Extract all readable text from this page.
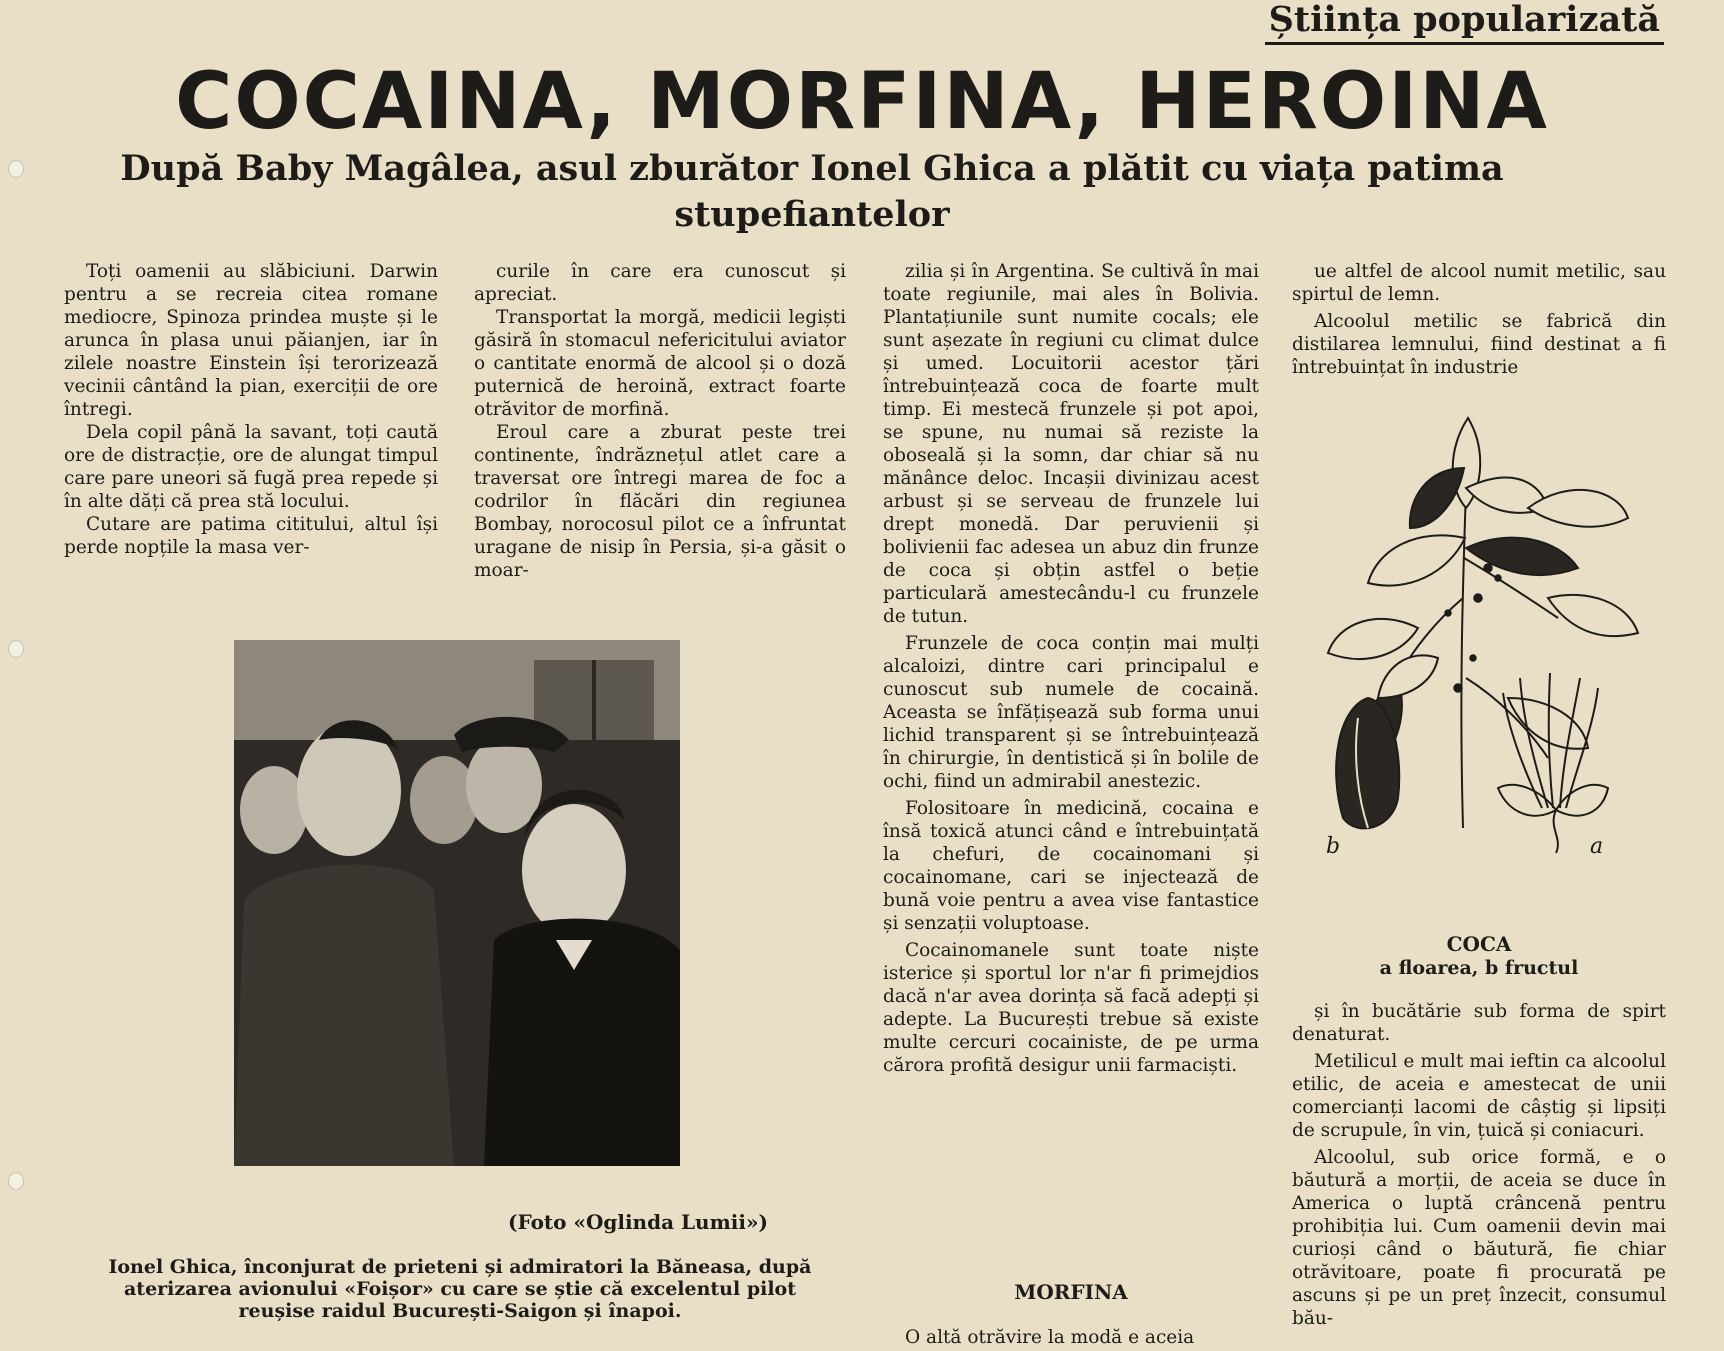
Știința popularizată
COCAINA, MORFINA, HEROINA
După Baby Magâlea, asul zburător Ionel Ghica a plătit cu viața patima stupefiantelor

Toți oamenii au slăbiciuni. Darwin pentru a se recreia citea romane mediocre, Spinoza prindea muște și le arunca în plasa unui păianjen, iar în zilele noastre Einstein își terorizează vecinii cântând la pian, exerciții de ore întregi.

Dela copil până la savant, toți caută ore de distracție, ore de alungat timpul care pare uneori să fugă prea repede și în alte dăți că prea stă locului.

Cutare are patima cititului, altul își perde nopțile la masa ver-

curile în care era cunoscut și apreciat.

Transportat la morgă, medicii legiști găsiră în stomacul nefericitului aviator o cantitate enormă de alcool și o doză puternică de heroină, extract foarte otrăvitor de morfină.

Eroul care a zburat peste trei continente, îndrăznețul atlet care a traversat ore întregi marea de foc a codrilor în flăcări din regiunea Bombay, norocosul pilot ce a înfruntat uragane de nisip în Persia, și-a găsit o moar-

zilia și în Argentina. Se cultivă în mai toate regiunile, mai ales în Bolivia. Plantațiunile sunt numite cocals; ele sunt așezate în regiuni cu climat dulce și umed. Locuitorii acestor țări întrebuințează coca de foarte mult timp. Ei mestecă frunzele și pot apoi, se spune, nu numai să reziste la oboseală și la somn, dar chiar să nu mănânce deloc. Incașii divinizau acest arbust și se serveau de frunzele lui drept monedă. Dar peruvienii și bolivienii fac adesea un abuz din frunze de coca și obțin astfel o beție particulară amestecându-l cu frunzele de tutun.

Frunzele de coca conțin mai mulți alcaloizi, dintre cari principalul e cunoscut sub numele de cocaină. Aceasta se înfățișează sub forma unui lichid transparent și se întrebuințează în chirurgie, în dentistică și în bolile de ochi, fiind un admirabil anestezic.

Folositoare în medicină, cocaina e însă toxică atunci când e întrebuințată la chefuri, de cocainomani și cocainomane, cari se injectează de bună voie pentru a avea vise fantastice și senzații voluptoase.

Cocainomanele sunt toate niște isterice și sportul lor n'ar fi primejdios dacă n'ar avea dorința să facă adepți și adepte. La București trebue să existe multe cercuri cocainiste, de pe urma cărora profită desigur unii farmaciști.

MORFINA

O altă otrăvire la modă e aceia

ue altfel de alcool numit metilic, sau spirtul de lemn.

Alcoolul metilic se fabrică din distilarea lemnului, fiind destinat a fi întrebuințat în industrie

b	a
COCA
a floarea, b fructul

și în bucătărie sub forma de spirt denaturat.

Metilicul e mult mai ieftin ca alcoolul etilic, de aceia e amestecat de unii comercianți lacomi de câștig și lipsiți de scrupule, în vin, țuică și coniacuri.

Alcoolul, sub orice formă, e o băutură a morții, de aceia se duce în America o luptă crâncenă pentru prohibiția lui. Cum oamenii devin mai curioși când o băutură, fie chiar otrăvitoare, poate fi procurată pe ascuns și pe un preț înzecit, consumul bău-

(Foto «Oglinda Lumii»)
Ionel Ghica, înconjurat de prieteni și admiratori la Băneasa, după aterizarea avionului «Foișor» cu care se știe că excelentul pilot reușise raidul București-Saigon și înapoi.
